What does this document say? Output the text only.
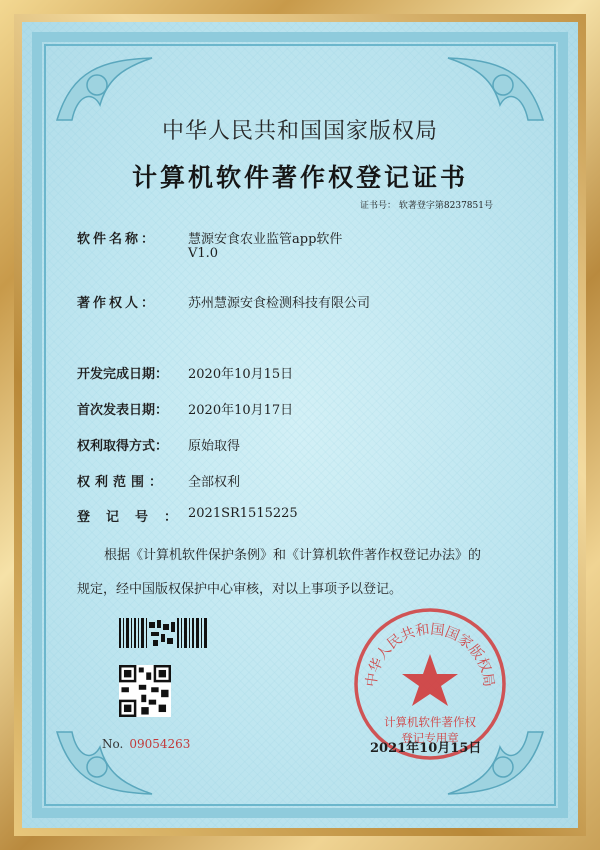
中华人民共和国国家版权局
计算机软件著作权登记证书
证书号： 软著登字第8237851号
软件名称： 慧源安食农业监管app软件
V1.0
著作权人： 苏州慧源安食检测科技有限公司
开发完成日期： 2020年10月15日
首次发表日期： 2020年10月17日
权利取得方式： 原始取得
权利范围： 全部权利
登记号：
2021SR1515225
根据《计算机软件保护条例》和《计算机软件著作权登记办法》的
规定，经中国版权保护中心审核，对以上事项予以登记。
No. 09054263
中华人民共和国国家版权局
计算机软件著作权
登记专用章
2021年10月15日
